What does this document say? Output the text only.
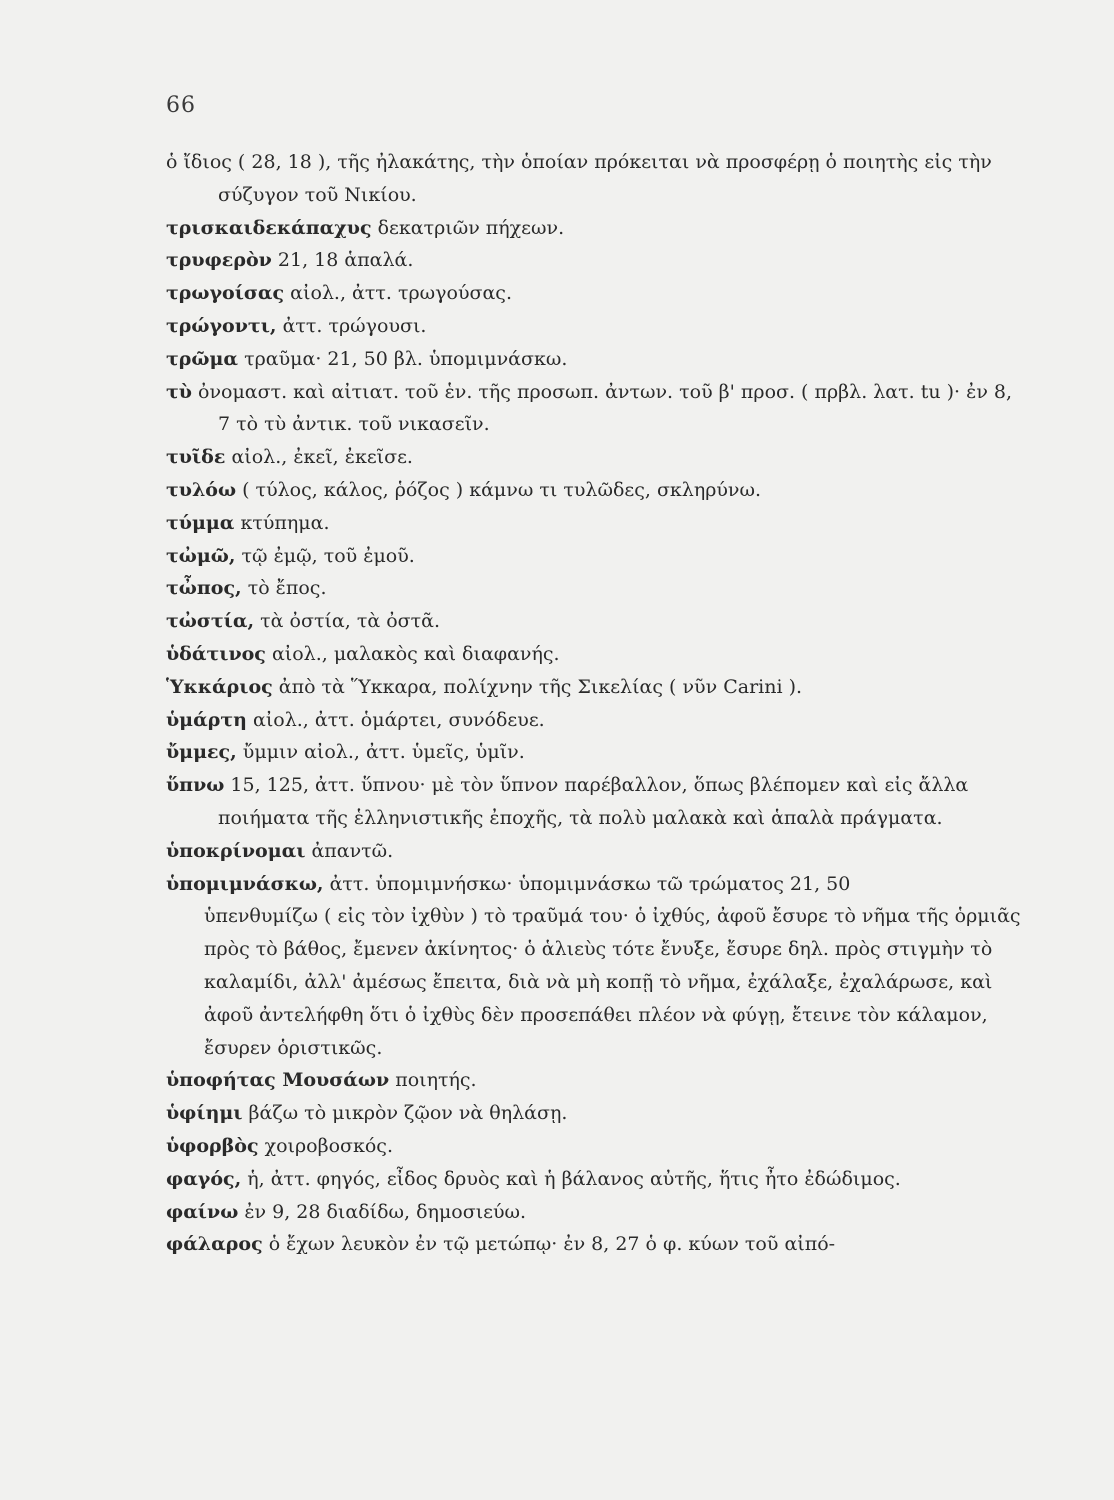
66

ὁ ἴδιος ( 28, 18 ), τῆς ἠλακάτης, τὴν ὁποίαν πρόκειται νὰ προσφέρῃ ὁ ποιητὴς εἰς τὴν σύζυγον τοῦ Νικίου.

τρισκαιδεκάπαχυς δεκατριῶν πήχεων.

τρυφερὸν 21, 18 ἁπαλά.

τρωγοίσας αἰολ., ἀττ. τρωγούσας.

τρώγοντι, ἀττ. τρώγουσι.

τρῶμα τραῦμα· 21, 50 βλ. ὑπομιμνάσκω.

τὺ ὀνομαστ. καὶ αἰτιατ. τοῦ ἑν. τῆς προσωπ. ἀντων. τοῦ β' προσ. ( πρβλ. λατ. tu )· ἐν 8, 7 τὸ τὺ ἀντικ. τοῦ νικασεῖν.

τυῖδε αἰολ., ἐκεῖ, ἐκεῖσε.

τυλόω ( τύλος, κάλος, ῥόζος ) κάμνω τι τυλῶδες, σκληρύνω.

τύμμα κτύπημα.

τὠμῶ, τῷ ἐμῷ, τοῦ ἐμοῦ.

τὦπος, τὸ ἔπος.

τὠστία, τὰ ὀστία, τὰ ὀστᾶ.

ὑδάτινος αἰολ., μαλακὸς καὶ διαφανής.

Ὑκκάριος ἀπὸ τὰ Ὕκκαρα, πολίχνην τῆς Σικελίας ( νῦν Carini ).

ὑμάρτη αἰολ., ἀττ. ὁμάρτει, συνόδευε.

ὔμμες, ὔμμιν αἰολ., ἀττ. ὑμεῖς, ὑμῖν.

ὕπνω 15, 125, ἀττ. ὕπνου· μὲ τὸν ὕπνον παρέβαλλον, ὅπως βλέπομεν καὶ εἰς ἄλλα ποιήματα τῆς ἑλληνιστικῆς ἐποχῆς, τὰ πολὺ μαλακὰ καὶ ἁπαλὰ πράγματα.

ὑποκρίνομαι ἀπαντῶ.

ὑπομιμνάσκω, ἀττ. ὑπομιμνήσκω· ὑπομιμνάσκω τῶ τρώματος 21, 50

ὑπενθυμίζω ( εἰς τὸν ἰχθὺν ) τὸ τραῦμά του· ὁ ἰχθύς, ἀφοῦ ἔσυρε τὸ νῆμα τῆς ὁρμιᾶς πρὸς τὸ βάθος, ἔμενεν ἀκίνητος· ὁ ἁλιεὺς τότε ἔνυξε, ἔσυρε δηλ. πρὸς στιγμὴν τὸ καλαμίδι, ἀλλ' ἀμέσως ἔπειτα, διὰ νὰ μὴ κοπῇ τὸ νῆμα, ἐχάλαξε, ἐχαλάρωσε, καὶ ἀφοῦ ἀντελήφθη ὅτι ὁ ἰχθὺς δὲν προσεπάθει πλέον νὰ φύγῃ, ἔτεινε τὸν κάλαμον, ἔσυρεν ὁριστικῶς.

ὑποφήτας Μουσάων ποιητής.

ὑφίημι βάζω τὸ μικρὸν ζῷον νὰ θηλάσῃ.

ὑφορβὸς χοιροβοσκός.

φαγός, ἡ, ἀττ. φηγός, εἶδος δρυὸς καὶ ἡ βάλανος αὐτῆς, ἥτις ἦτο ἐδώδιμος.

φαίνω ἐν 9, 28 διαδίδω, δημοσιεύω.

φάλαρος ὁ ἔχων λευκὸν ἐν τῷ μετώπῳ· ἐν 8, 27 ὁ φ. κύων τοῦ αἰπό-
